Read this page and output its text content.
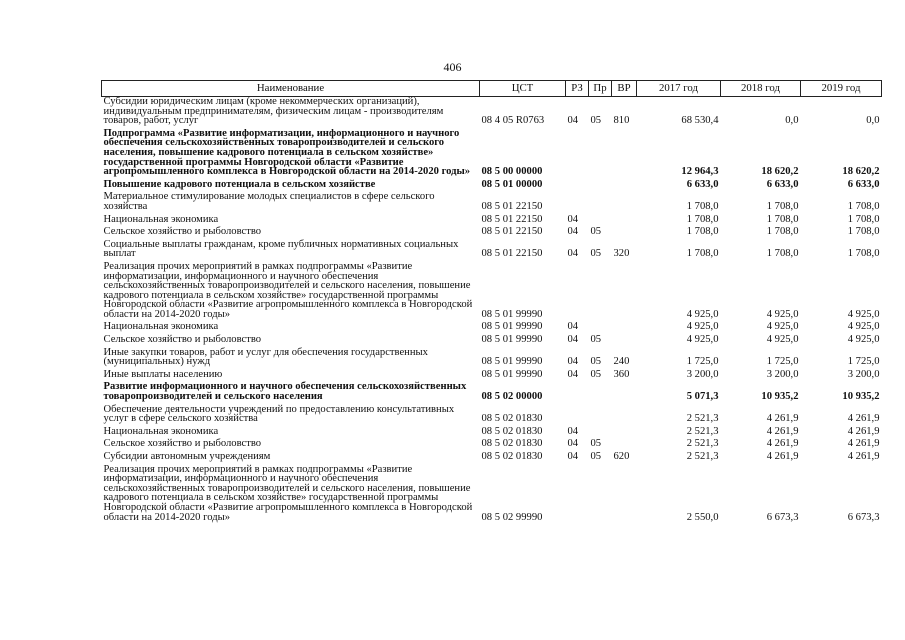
406
Наименование	ЦСТ	РЗ	Пр	ВР	2017 год	2018 год	2019 год
Субсидии юридическим лицам (кроме некоммерческих организаций), индивидуальным предпринимателям, физическим лицам - производителям товаров, работ, услуг	08 4 05 R0763	04	05	810	68 530,4	0,0	0,0
Подпрограмма «Развитие информатизации, информационного и научного обеспечения сельскохозяйственных товаропроизводителей и сельского населения, повышение кадрового потенциала в сельском хозяйстве» государственной программы Новгородской области «Развитие агропромышленного комплекса в Новгородской области на 2014-2020 годы»	08 5 00 00000				12 964,3	18 620,2	18 620,2
Повышение кадрового потенциала в сельском хозяйстве	08 5 01 00000				6 633,0	6 633,0	6 633,0
Материальное стимулирование молодых специалистов в сфере сельского хозяйства	08 5 01 22150				1 708,0	1 708,0	1 708,0
Национальная экономика	08 5 01 22150	04			1 708,0	1 708,0	1 708,0
Сельское хозяйство и рыболовство	08 5 01 22150	04	05		1 708,0	1 708,0	1 708,0
Социальные выплаты гражданам, кроме публичных нормативных социальных выплат	08 5 01 22150	04	05	320	1 708,0	1 708,0	1 708,0
Реализация прочих мероприятий в рамках подпрограммы «Развитие информатизации, информационного и научного обеспечения сельскохозяйственных товаропроизводителей и сельского населения, повышение кадрового потенциала в сельском хозяйстве» государственной программы Новгородской области «Развитие агропромышленного комплекса в Новгородской области на 2014-2020 годы»	08 5 01 99990				4 925,0	4 925,0	4 925,0
Национальная экономика	08 5 01 99990	04			4 925,0	4 925,0	4 925,0
Сельское хозяйство и рыболовство	08 5 01 99990	04	05		4 925,0	4 925,0	4 925,0
Иные закупки товаров, работ и услуг для обеспечения государственных (муниципальных) нужд	08 5 01 99990	04	05	240	1 725,0	1 725,0	1 725,0
Иные выплаты населению	08 5 01 99990	04	05	360	3 200,0	3 200,0	3 200,0
Развитие информационного и научного обеспечения сельскохозяйственных товаропроизводителей и сельского населения	08 5 02 00000				5 071,3	10 935,2	10 935,2
Обеспечение деятельности учреждений по предоставлению консультативных услуг в сфере сельского хозяйства	08 5 02 01830				2 521,3	4 261,9	4 261,9
Национальная экономика	08 5 02 01830	04			2 521,3	4 261,9	4 261,9
Сельское хозяйство и рыболовство	08 5 02 01830	04	05		2 521,3	4 261,9	4 261,9
Субсидии автономным учреждениям	08 5 02 01830	04	05	620	2 521,3	4 261,9	4 261,9
Реализация прочих мероприятий в рамках подпрограммы «Развитие информатизации, информационного и научного обеспечения сельскохозяйственных товаропроизводителей и сельского населения, повышение кадрового потенциала в сельском хозяйстве» государственной программы Новгородской области «Развитие агропромышленного комплекса в Новгородской области на 2014-2020 годы»	08 5 02 99990				2 550,0	6 673,3	6 673,3
